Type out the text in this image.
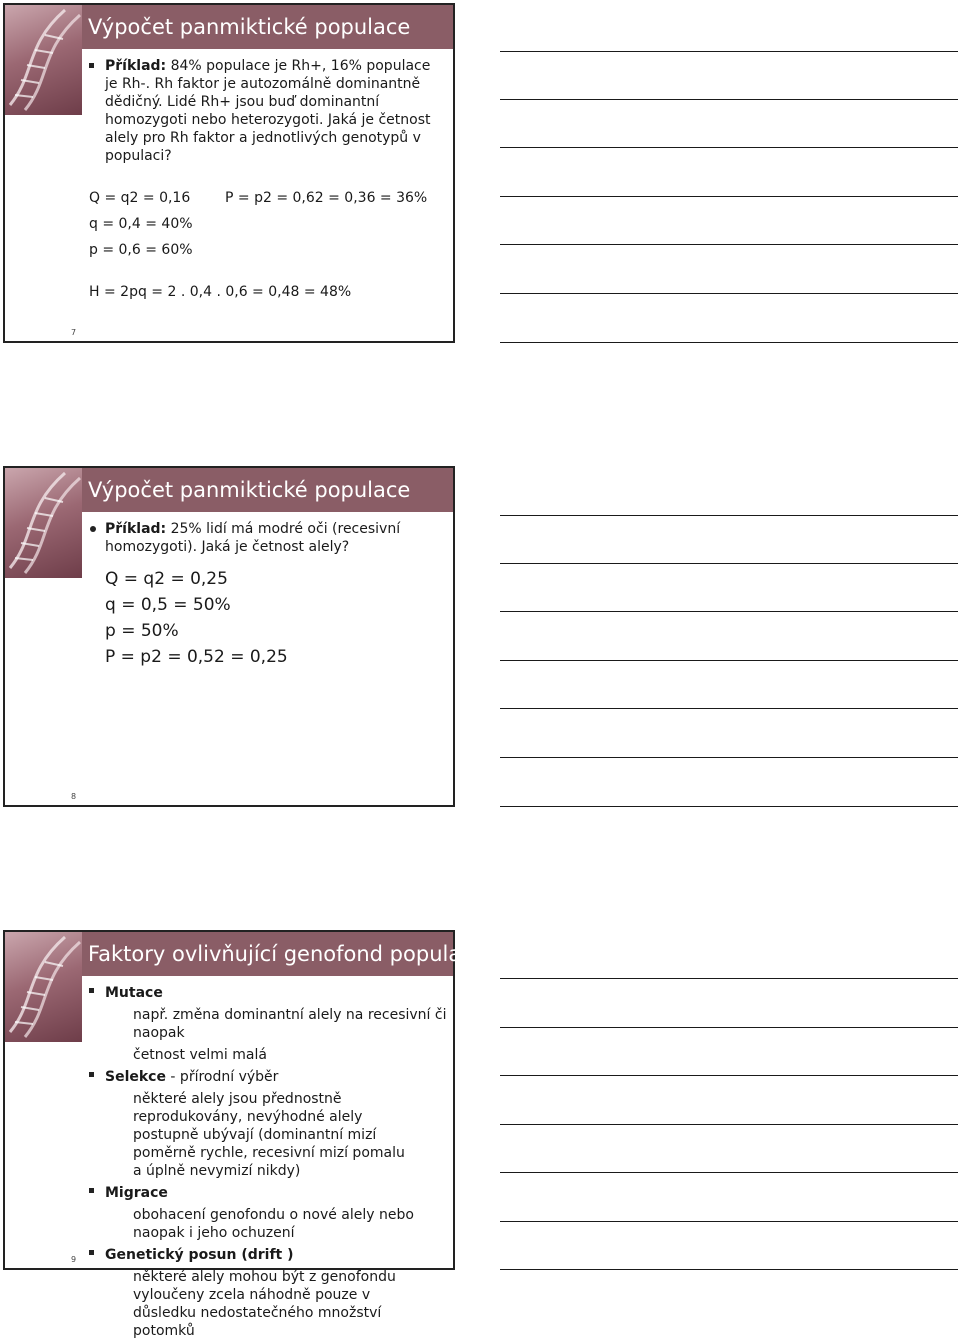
Výpočet panmiktické populace
Příklad: 84% populace je Rh+, 16% populace je Rh-. Rh faktor je autozomálně dominantně dědičný. Lidé Rh+ jsou buď dominantní homozygoti nebo heterozygoti. Jaká je četnost alely pro Rh faktor a jednotlivých genotypů v populaci?
Q = q2 = 0,16 P = p2 = 0,62 = 0,36 = 36%
q = 0,4 = 40%
p = 0,6 = 60%
H = 2pq = 2 . 0,4 . 0,6 = 0,48 = 48%
7
Výpočet panmiktické populace
Příklad: 25% lidí má modré oči (recesivní homozygoti). Jaká je četnost alely?
Q = q2 = 0,25
q = 0,5 = 50%
p = 50%
P = p2 = 0,52 = 0,25
8
Faktory ovlivňující genofond populace
Mutace
např. změna dominantní alely na recesivní či naopak
četnost velmi malá
Selekce - přírodní výběr
některé alely jsou přednostně reprodukovány, nevýhodné alely postupně ubývají (dominantní mizí poměrně rychle, recesivní mizí pomalu a úplně nevymizí nikdy)
Migrace
obohacení genofondu o nové alely nebo naopak i jeho ochuzení
Genetický posun (drift )
některé alely mohou být z genofondu vyloučeny zcela náhodně pouze v důsledku nedostatečného množství potomků
9
